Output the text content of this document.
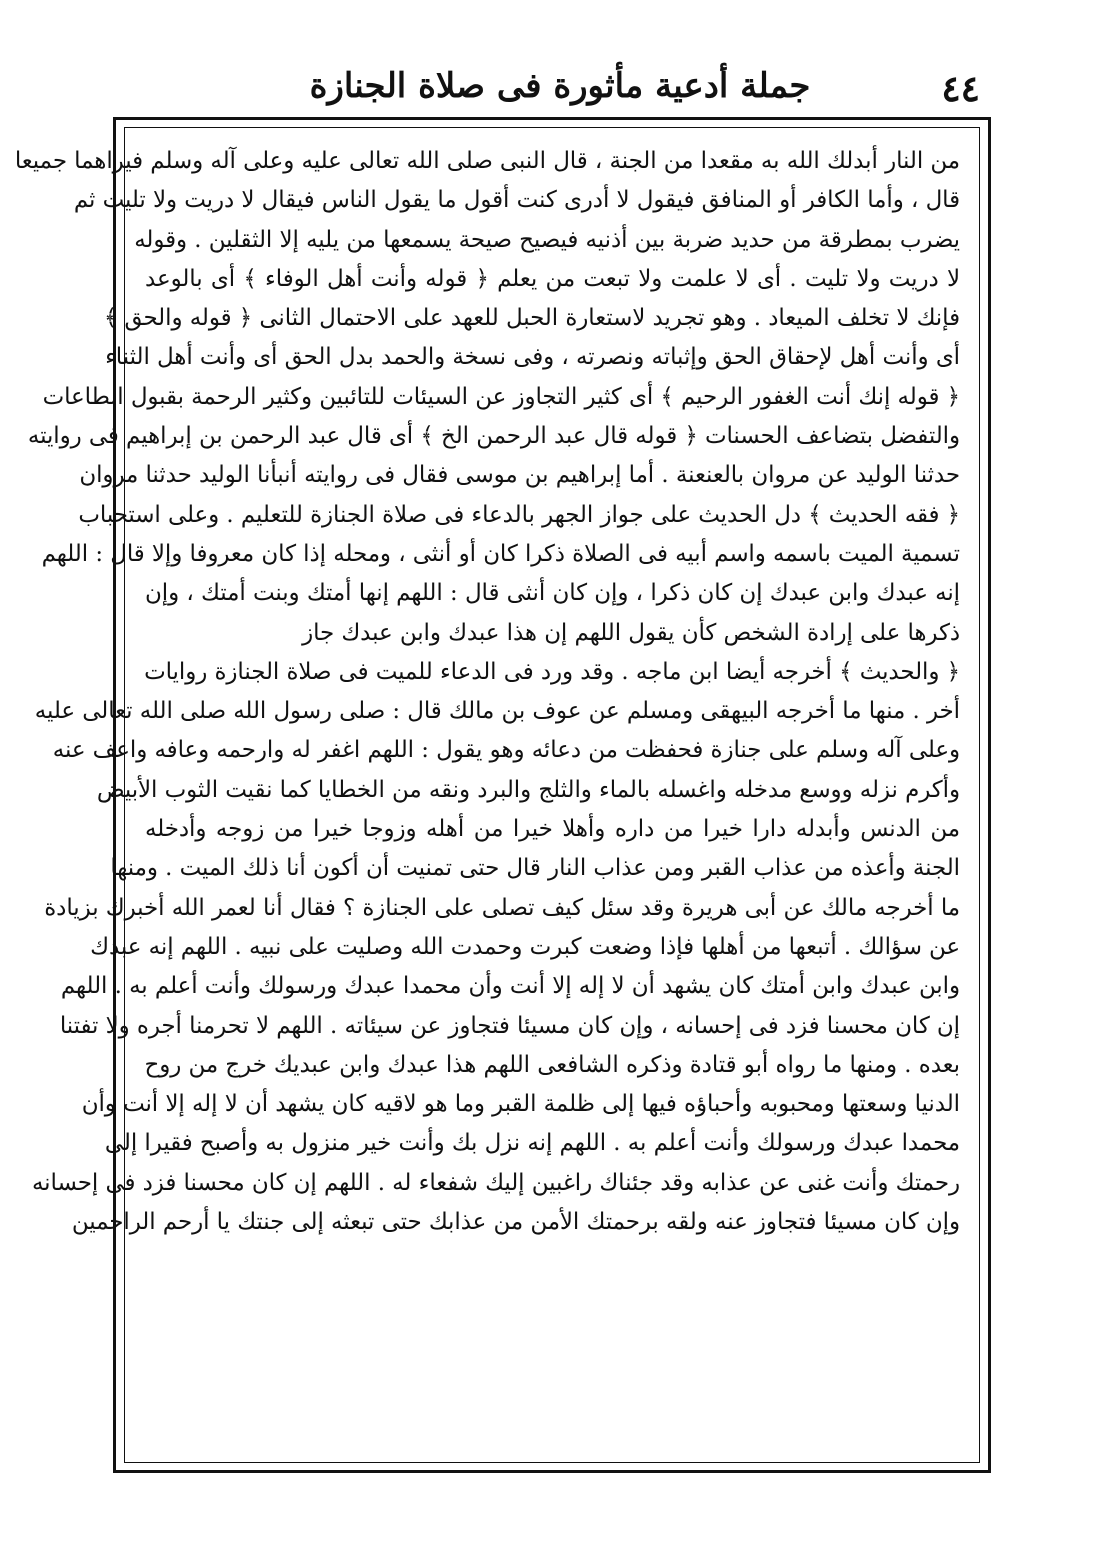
٤٤
جملة أدعية مأثورة فى صلاة الجنازة
من النار أبدلك الله به مقعدا من الجنة ، قال النبى صلى الله تعالى عليه وعلى آله وسلم فيراهما جميعا
قال ، وأما الكافر أو المنافق فيقول لا أدرى كنت أقول ما يقول الناس فيقال لا دريت ولا تليت ثم
يضرب بمطرقة من حديد ضربة بين أذنيه فيصيح صيحة يسمعها من يليه إلا الثقلين . وقوله
لا دريت ولا تليت . أى لا علمت ولا تبعت من يعلم ﴿ قوله وأنت أهل الوفاء ﴾ أى بالوعد
فإنك لا تخلف الميعاد . وهو تجريد لاستعارة الحبل للعهد على الاحتمال الثانى ﴿ قوله والحق ﴾
أى وأنت أهل لإحقاق الحق وإثباته ونصرته ، وفى نسخة والحمد بدل الحق أى وأنت أهل الثناء
﴿ قوله إنك أنت الغفور الرحيم ﴾ أى كثير التجاوز عن السيئات للتائبين وكثير الرحمة بقبول الطاعات
والتفضل بتضاعف الحسنات ﴿ قوله قال عبد الرحمن الخ ﴾ أى قال عبد الرحمن بن إبراهيم فى روايته
حدثنا الوليد عن مروان بالعنعنة . أما إبراهيم بن موسى فقال فى روايته أنبأنا الوليد حدثنا مروان
﴿ فقه الحديث ﴾ دل الحديث على جواز الجهر بالدعاء فى صلاة الجنازة للتعليم . وعلى استحباب
تسمية الميت باسمه واسم أبيه فى الصلاة ذكرا كان أو أنثى ، ومحله إذا كان معروفا وإلا قال : اللهم
إنه عبدك وابن عبدك إن كان ذكرا ، وإن كان أنثى قال : اللهم إنها أمتك وبنت أمتك ، وإن
ذكرها على إرادة الشخص كأن يقول اللهم إن هذا عبدك وابن عبدك جاز
﴿ والحديث ﴾ أخرجه أيضا ابن ماجه . وقد ورد فى الدعاء للميت فى صلاة الجنازة روايات
أخر . منها ما أخرجه البيهقى ومسلم عن عوف بن مالك قال : صلى رسول الله صلى الله تعالى عليه
وعلى آله وسلم على جنازة فحفظت من دعائه وهو يقول : اللهم اغفر له وارحمه وعافه واعف عنه
وأكرم نزله ووسع مدخله واغسله بالماء والثلج والبرد ونقه من الخطايا كما نقيت الثوب الأبيض
من الدنس وأبدله دارا خيرا من داره وأهلا خيرا من أهله وزوجا خيرا من زوجه وأدخله
الجنة وأعذه من عذاب القبر ومن عذاب النار قال حتى تمنيت أن أكون أنا ذلك الميت . ومنها
ما أخرجه مالك عن أبى هريرة وقد سئل كيف تصلى على الجنازة ؟ فقال أنا لعمر الله أخبرك بزيادة
عن سؤالك . أتبعها من أهلها فإذا وضعت كبرت وحمدت الله وصليت على نبيه . اللهم إنه عبدك
وابن عبدك وابن أمتك كان يشهد أن لا إله إلا أنت وأن محمدا عبدك ورسولك وأنت أعلم به . اللهم
إن كان محسنا فزد فى إحسانه ، وإن كان مسيئا فتجاوز عن سيئاته . اللهم لا تحرمنا أجره ولا تفتنا
بعده . ومنها ما رواه أبو قتادة وذكره الشافعى اللهم هذا عبدك وابن عبديك خرج من روح
الدنيا وسعتها ومحبوبه وأحباؤه فيها إلى ظلمة القبر وما هو لاقيه كان يشهد أن لا إله إلا أنت وأن
محمدا عبدك ورسولك وأنت أعلم به . اللهم إنه نزل بك وأنت خير منزول به وأصبح فقيرا إلى
رحمتك وأنت غنى عن عذابه وقد جئناك راغبين إليك شفعاء له . اللهم إن كان محسنا فزد فى إحسانه
وإن كان مسيئا فتجاوز عنه ولقه برحمتك الأمن من عذابك حتى تبعثه إلى جنتك يا أرحم الراحمين
